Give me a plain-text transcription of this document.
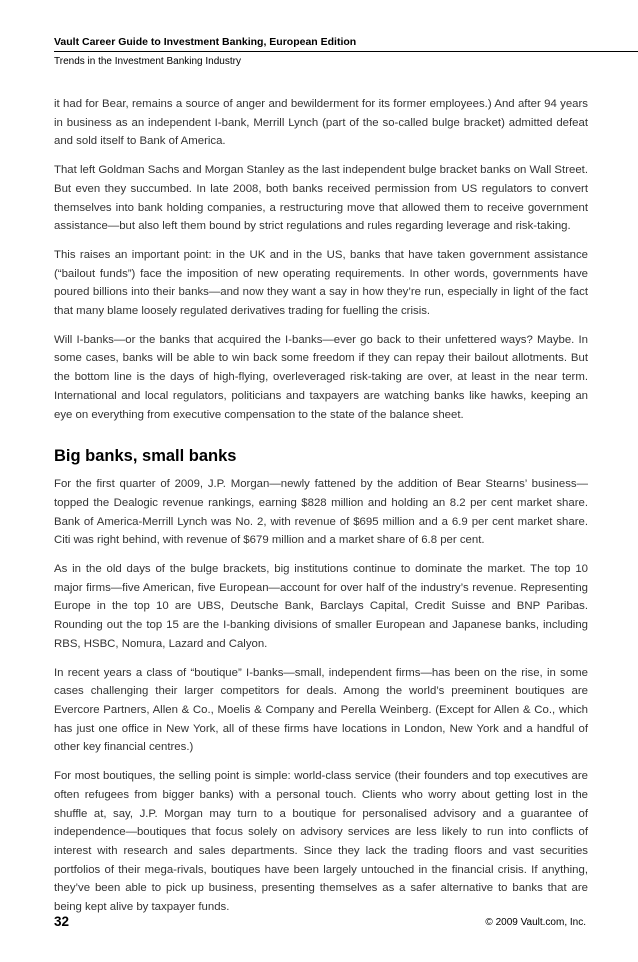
Vault Career Guide to Investment Banking, European Edition
Trends in the Investment Banking Industry

it had for Bear, remains a source of anger and bewilderment for its former employees.) And after 94 years in business as an independent I-bank, Merrill Lynch (part of the so-called bulge bracket) admitted defeat and sold itself to Bank of America.

That left Goldman Sachs and Morgan Stanley as the last independent bulge bracket banks on Wall Street. But even they succumbed. In late 2008, both banks received permission from US regulators to convert themselves into bank holding companies, a restructuring move that allowed them to receive government assistance—but also left them bound by strict regulations and rules regarding leverage and risk-taking.

This raises an important point: in the UK and in the US, banks that have taken government assistance (“bailout funds”) face the imposition of new operating requirements. In other words, governments have poured billions into their banks—and now they want a say in how they’re run, especially in light of the fact that many blame loosely regulated derivatives trading for fuelling the crisis.

Will I-banks—or the banks that acquired the I-banks—ever go back to their unfettered ways? Maybe. In some cases, banks will be able to win back some freedom if they can repay their bailout allotments. But the bottom line is the days of high-flying, overleveraged risk-taking are over, at least in the near term. International and local regulators, politicians and taxpayers are watching banks like hawks, keeping an eye on everything from executive compensation to the state of the balance sheet.

Big banks, small banks

For the first quarter of 2009, J.P. Morgan—newly fattened by the addition of Bear Stearns’ business—topped the Dealogic revenue rankings, earning $828 million and holding an 8.2 per cent market share. Bank of America-Merrill Lynch was No. 2, with revenue of $695 million and a 6.9 per cent market share. Citi was right behind, with revenue of $679 million and a market share of 6.8 per cent.

As in the old days of the bulge brackets, big institutions continue to dominate the market. The top 10 major firms—five American, five European—account for over half of the industry’s revenue. Representing Europe in the top 10 are UBS, Deutsche Bank, Barclays Capital, Credit Suisse and BNP Paribas. Rounding out the top 15 are the I-banking divisions of smaller European and Japanese banks, including RBS, HSBC, Nomura, Lazard and Calyon.

In recent years a class of “boutique” I-banks—small, independent firms—has been on the rise, in some cases challenging their larger competitors for deals. Among the world’s preeminent boutiques are Evercore Partners, Allen & Co., Moelis & Company and Perella Weinberg. (Except for Allen & Co., which has just one office in New York, all of these firms have locations in London, New York and a handful of other key financial centres.)

For most boutiques, the selling point is simple: world-class service (their founders and top executives are often refugees from bigger banks) with a personal touch. Clients who worry about getting lost in the shuffle at, say, J.P. Morgan may turn to a boutique for personalised advisory and a guarantee of independence—boutiques that focus solely on advisory services are less likely to run into conflicts of interest with research and sales departments. Since they lack the trading floors and vast securities portfolios of their mega-rivals, boutiques have been largely untouched in the financial crisis. If anything, they’ve been able to pick up business, presenting themselves as a safer alternative to banks that are being kept alive by taxpayer funds.

32	© 2009 Vault.com, Inc.
